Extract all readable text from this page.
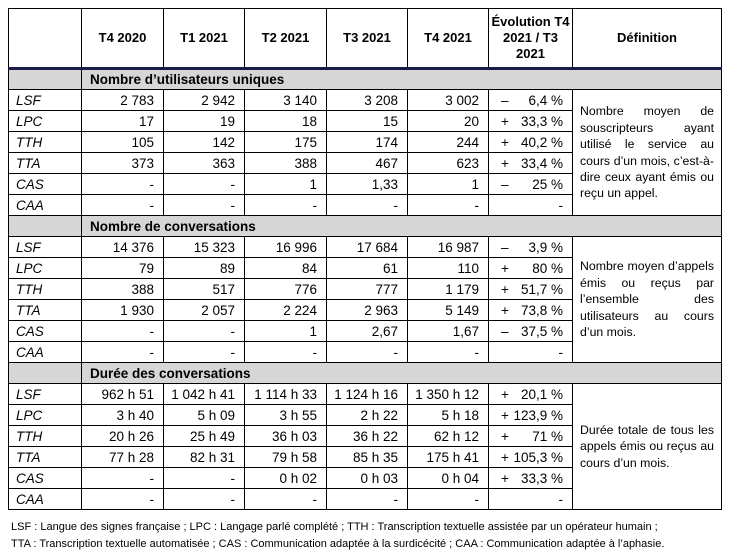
	T4 2020	T1 2021	T2 2021	T3 2021	T4 2021	Évolution T4 2021 / T3 2021	Définition
	Nombre d’utilisateurs uniques						
LSF	2 783	2 942	3 140	3 208	3 002	– 6,4 %	Nombre moyen de souscripteurs ayant utilisé le service au cours d’un mois, c’est-à-dire ceux ayant émis ou reçu un appel.
LPC	17	19	18	15	20	+ 33,3 %	

TTH	105	142	175	174	244	+ 40,2 %	

TTA	373	363	388	467	623	+ 33,4 %	

CAS	-	-	1	1,33	1	– 25 %	

CAA	-	-	-	-	-	-	
	Nombre de conversations						
LSF	14 376	15 323	16 996	17 684	16 987	– 3,9 %	Nombre moyen d’appels émis ou reçus par l’ensemble des utilisateurs au cours d’un mois.
LPC	79	89	84	61	110	+ 80 %	

TTH	388	517	776	777	1 179	+ 51,7 %	

TTA	1 930	2 057	2 224	2 963	5 149	+ 73,8 %	

CAS	-	-	1	2,67	1,67	– 37,5 %	

CAA	-	-	-	-	-	-	
	Durée des conversations						
LSF	962 h 51	1 042 h 41	1 114 h 33	1 124 h 16	1 350 h 12	+ 20,1 %	Durée totale de tous les appels émis ou reçus au cours d’un mois.
LPC	3 h 40	5 h 09	3 h 55	2 h 22	5 h 18	+ 123,9 %	

TTH	20 h 26	25 h 49	36 h 03	36 h 22	62 h 12	+ 71 %	

TTA	77 h 28	82 h 31	79 h 58	85 h 35	175 h 41	+ 105,3 %	

CAS	-	-	0 h 02	0 h 03	0 h 04	+ 33,3 %	

CAA	-	-	-	-	-	-	

LSF : Langue des signes française ; LPC : Langage parlé complété ; TTH : Transcription textuelle assistée par un opérateur humain ;

TTA : Transcription textuelle automatisée ; CAS : Communication adaptée à la surdicécité ; CAA : Communication adaptée à l’aphasie.
